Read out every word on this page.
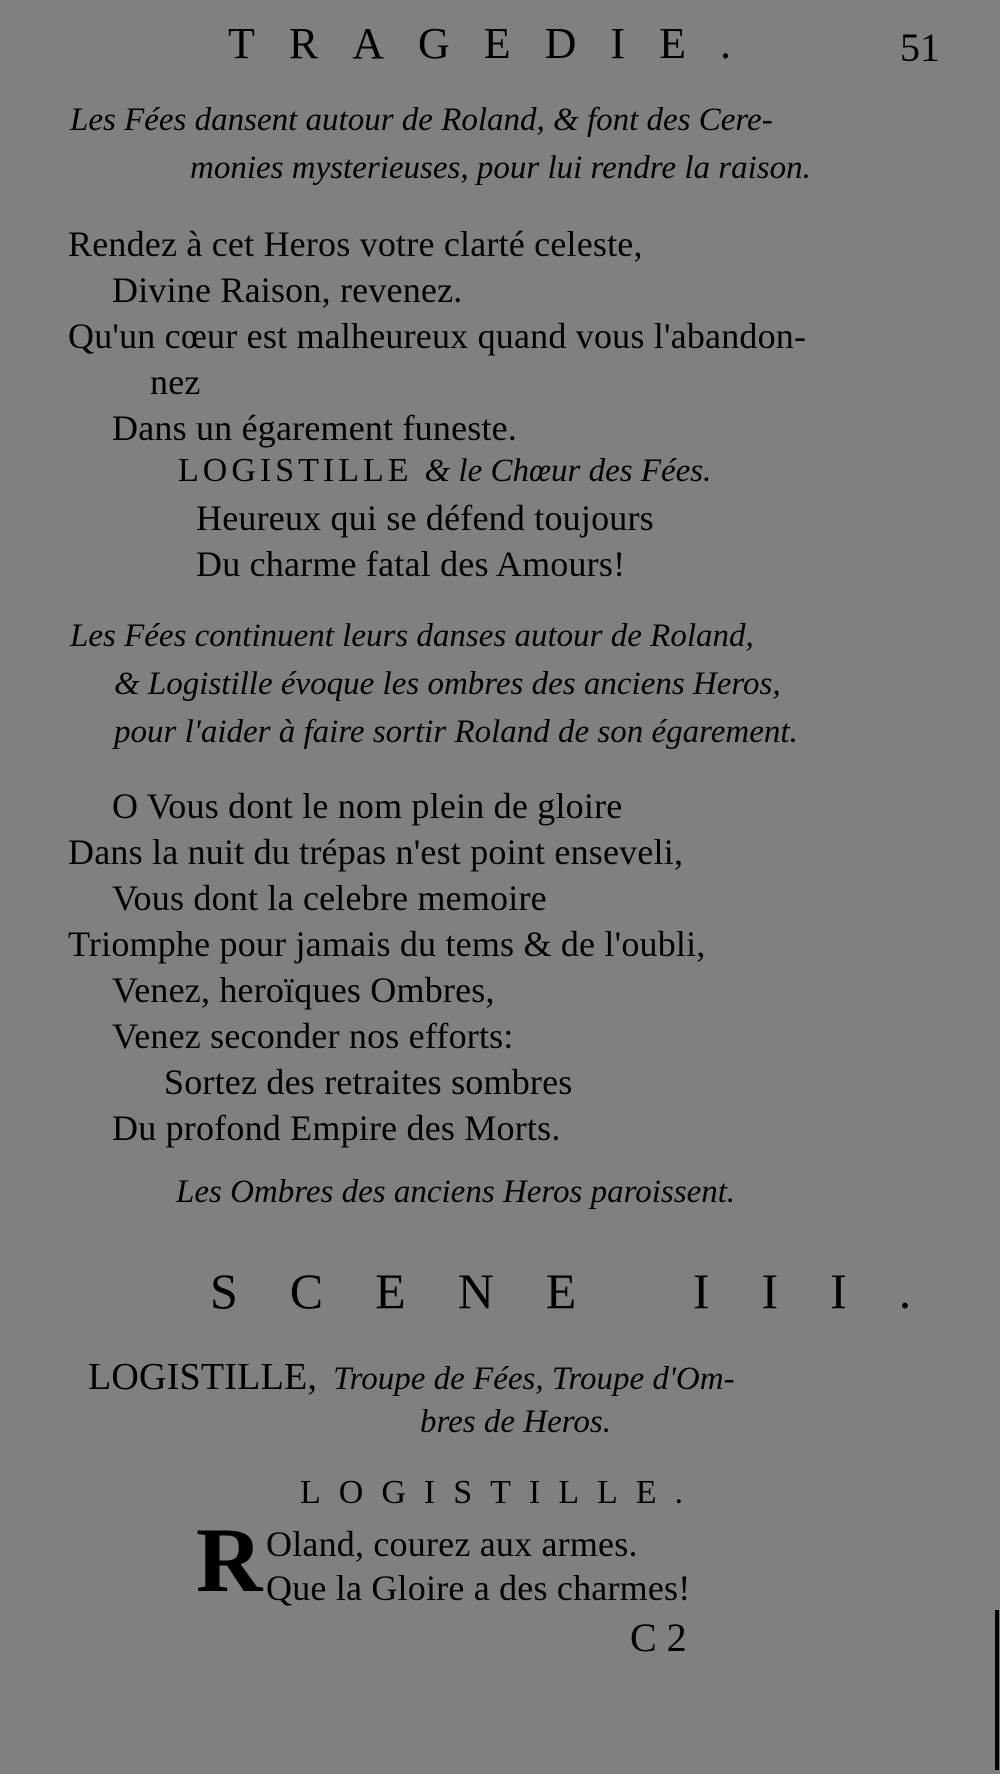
TRAGEDIE.	51
Les Fées dansent autour de Roland, & font des Cere-
monies mysterieuses, pour lui rendre la raison.
Rendez à cet Heros votre clarté celeste,
Divine Raison, revenez.
Qu'un cœur est malheureux quand vous l'abandon-
nez
Dans un égarement funeste.
LOGISTILLE & le Chœur des Fées.
Heureux qui se défend toujours
Du charme fatal des Amours!
Les Fées continuent leurs danses autour de Roland,
& Logistille évoque les ombres des anciens Heros,
pour l'aider à faire sortir Roland de son égarement.
O Vous dont le nom plein de gloire
Dans la nuit du trépas n'est point enseveli,
Vous dont la celebre memoire
Triomphe pour jamais du tems & de l'oubli,
Venez, heroïques Ombres,
Venez seconder nos efforts:
Sortez des retraites sombres
Du profond Empire des Morts.
Les Ombres des anciens Heros paroissent.
SCENE III.
LOGISTILLE, Troupe de Fées, Troupe d'Om-
bres de Heros.
LOGISTILLE.
R Oland, courez aux armes.
Que la Gloire a des charmes!
C 2
